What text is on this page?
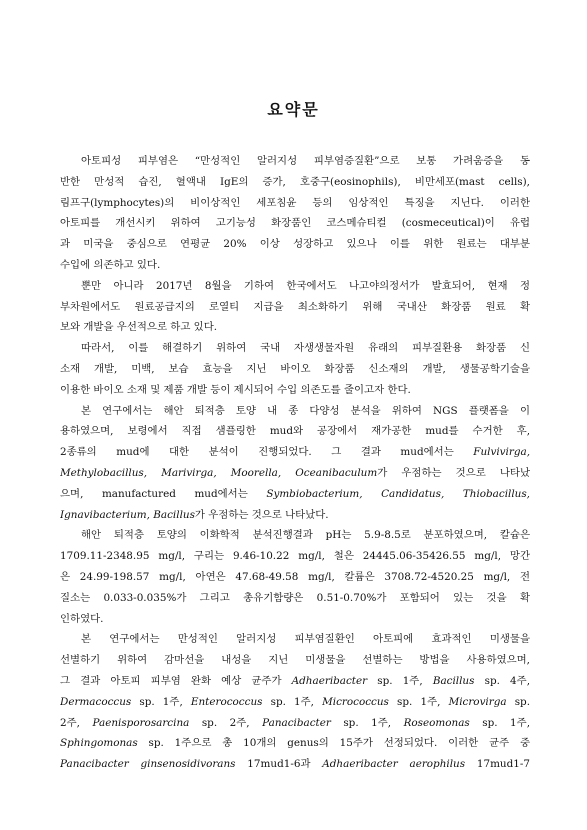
요약문
아토피성 피부염은 “만성적인 알러지성 피부염증질환”으로 보통 가려움증을 동
반한 만성적 습진, 혈액내 IgE의 증가, 호중구(eosinophils), 비만세포(mast cells),
림프구(lymphocytes)의 비이상적인 세포침윤 등의 임상적인 특징을 지닌다. 이러한
아토피를 개선시키 위하여 고기능성 화장품인 코스메슈티컬 (cosmeceutical)이 유럽
과 미국을 중심으로 연평균 20% 이상 성장하고 있으나 이를 위한 원료는 대부분
수입에 의존하고 있다.
뿐만 아니라 2017년 8월을 기하여 한국에서도 나고야의정서가 발효되어, 현재 정
부차원에서도 원료공급지의 로열티 지급을 최소화하기 위해 국내산 화장품 원료 확
보와 개발을 우선적으로 하고 있다.
따라서, 이를 해결하기 위하여 국내 자생생물자원 유래의 피부질환용 화장품 신
소재 개발, 미백, 보습 효능을 지닌 바이오 화장품 신소재의 개발, 생물공학기술을
이용한 바이오 소재 및 제품 개발 등이 제시되어 수입 의존도를 줄이고자 한다.
본 연구에서는 해안 퇴적층 토양 내 종 다양성 분석을 위하여 NGS 플랫폼을 이
용하였으며, 보령에서 직접 샘플링한 mud와 공장에서 재가공한 mud를 수거한 후,
2종류의 mud에 대한 분석이 진행되었다. 그 결과 mud에서는 Fulvivirga,
Methylobacillus, Marivirga, Moorella, Oceanibaculum가 우점하는 것으로 나타났
으며, manufactured mud에서는 Symbiobacterium, Candidatus, Thiobacillus,
Ignavibacterium, Bacillus가 우점하는 것으로 나타났다.
해안 퇴적층 토양의 이화학적 분석진행결과 pH는 5.9-8.5로 분포하였으며, 칼슘은
1709.11-2348.95 mg/l, 구리는 9.46-10.22 mg/l, 철은 24445.06-35426.55 mg/l, 망간
은 24.99-198.57 mg/l, 아연은 47.68-49.58 mg/l, 칼륨은 3708.72-4520.25 mg/l, 전
질소는 0.033-0.035%가 그리고 총유기함량은 0.51-0.70%가 포함되어 있는 것을 확
인하였다.
본 연구에서는 만성적인 알러지성 피부염질환인 아토피에 효과적인 미생물을
선별하기 위하여 감마선을 내성을 지닌 미생물을 선별하는 방법을 사용하였으며,
그 결과 아토피 피부염 완화 예상 균주가 Adhaeribacter sp. 1주, Bacillus sp. 4주,
Dermacoccus sp. 1주, Enterococcus sp. 1주, Micrococcus sp. 1주, Microvirga sp.
2주, Paenisporosarcina sp. 2주, Panacibacter sp. 1주, Roseomonas sp. 1주,
Sphingomonas sp. 1주으로 총 10개의 genus의 15주가 선정되었다. 이러한 균주 중
Panacibacter ginsenosidivorans 17mud1-6과 Adhaeribacter aerophilus 17mud1-7
